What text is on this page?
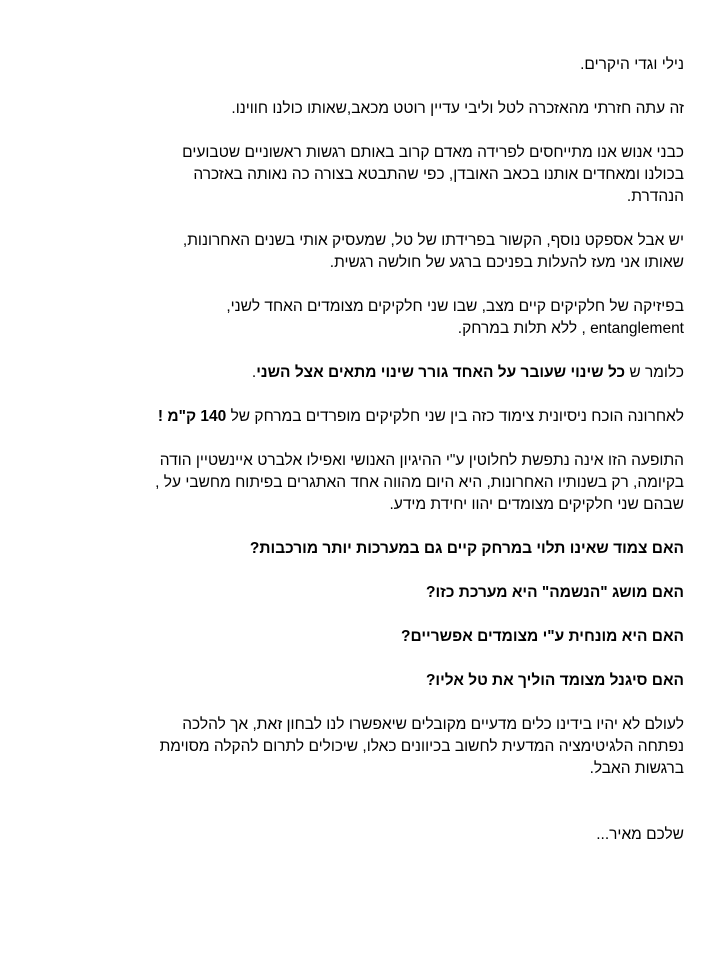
נילי וגדי היקרים.

זה עתה חזרתי מהאזכרה לטל וליבי עדיין רוטט מכאב,שאותו כולנו חווינו.

כבני אנוש אנו מתייחסים לפרידה מאדם קרוב באותם רגשות ראשוניים שטבועים
בכולנו ומאחדים אותנו בכאב האובדן, כפי שהתבטא בצורה כה נאותה באזכרה
הנהדרת.

יש אבל אספקט נוסף, הקשור בפרידתו של טל, שמעסיק אותי בשנים האחרונות,
שאותו אני מעז להעלות בפניכם ברגע של חולשה רגשית.

בפיזיקה של חלקיקים קיים מצב, שבו שני חלקיקים מצומדים האחד לשני,
entanglement , ללא תלות במרחק.

כלומר ש כל שינוי שעובר על האחד גורר שינוי מתאים אצל השני.

לאחרונה הוכח ניסיונית צימוד כזה בין שני חלקיקים מופרדים במרחק של 140 ק"מ !

התופעה הזו אינה נתפשת לחלוטין ע"י ההיגיון האנושי ואפילו אלברט איינשטיין הודה
בקיומה, רק בשנותיו האחרונות, היא היום מהווה אחד האתגרים בפיתוח מחשבי על ,
שבהם שני חלקיקים מצומדים יהוו יחידת מידע.

האם צמוד שאינו תלוי במרחק קיים גם במערכות יותר מורכבות?

האם מושג "הנשמה" היא מערכת כזו?

האם היא מונחית ע"י מצומדים אפשריים?

האם סיגנל מצומד הוליך את טל אליו?

לעולם לא יהיו בידינו כלים מדעיים מקובלים שיאפשרו לנו לבחון זאת, אך להלכה
נפתחה הלגיטימציה המדעית לחשוב בכיוונים כאלו, שיכולים לתרום להקלה מסוימת
ברגשות האבל.

שלכם מאיר...
